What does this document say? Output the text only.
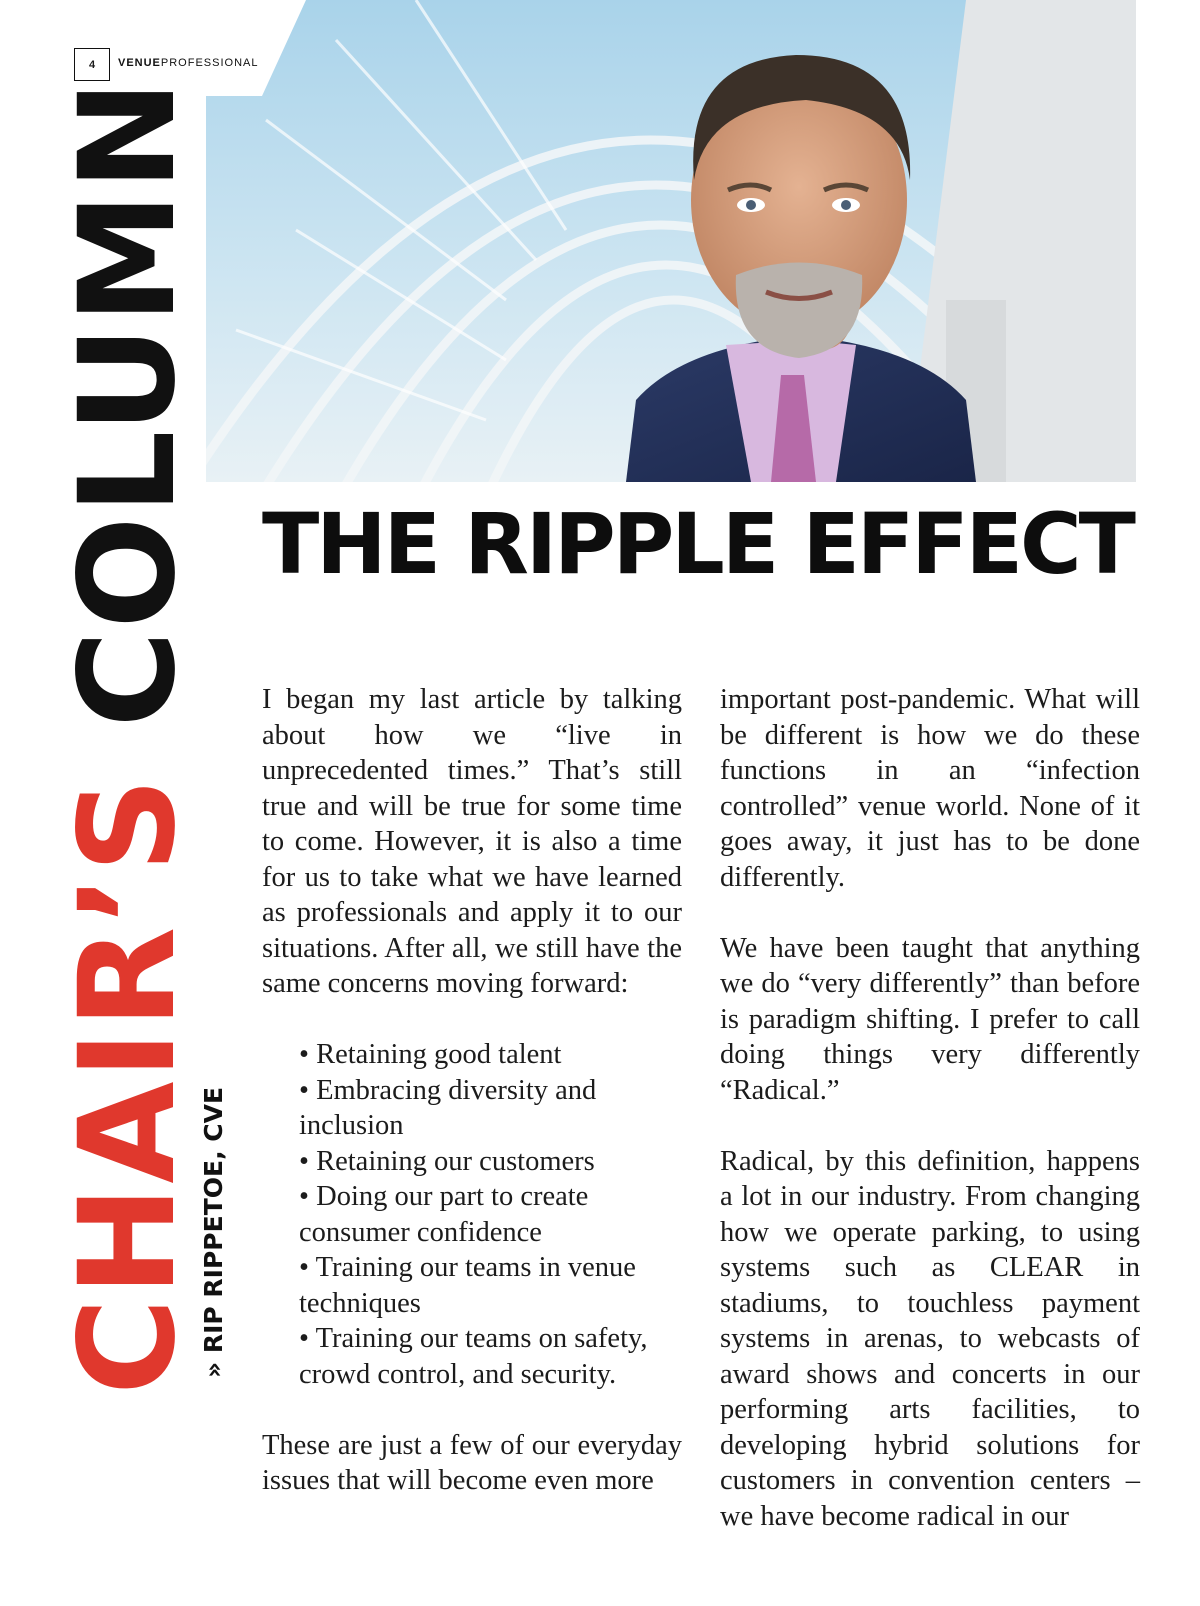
4	VENUE PROFESSIONAL
CHAIR’S COLUMN
» RIP RIPPETOE, CVE
THE RIPPLE EFFECT

I began my last article by talking about how we “live in unprecedented times.” That’s still true and will be true for some time to come. However, it is also a time for us to take what we have learned as professionals and apply it to our situations. After all, we still have the same concerns moving forward:

• Retaining good talent
• Embracing diversity and inclusion
• Retaining our customers
• Doing our part to create consumer confidence
• Training our teams in venue techniques
• Training our teams on safety, crowd control, and security.

These are just a few of our everyday issues that will become even more

important post-pandemic. What will be different is how we do these functions in an “infection controlled” venue world. None of it goes away, it just has to be done differently.

We have been taught that anything we do “very differently” than before is paradigm shifting. I prefer to call doing things very differently “Radical.”

Radical, by this definition, happens a lot in our industry. From changing how we operate parking, to using systems such as CLEAR in stadiums, to touchless payment systems in arenas, to webcasts of award shows and concerts in our performing arts facilities, to developing hybrid solutions for customers in convention centers – we have become radical in our
